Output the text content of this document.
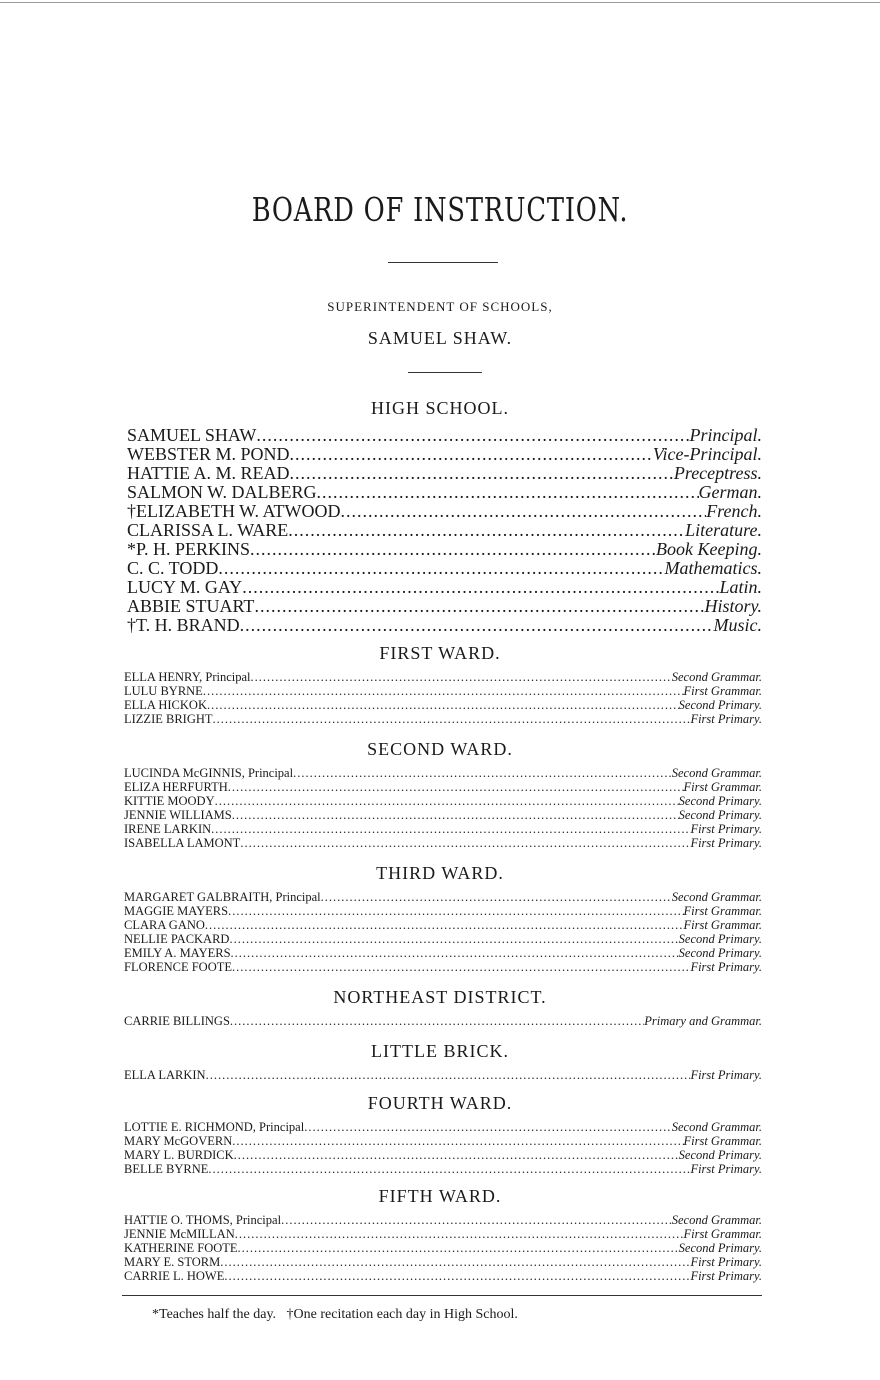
BOARD OF INSTRUCTION.
SUPERINTENDENT OF SCHOOLS,
SAMUEL SHAW.
HIGH SCHOOL.
SAMUEL SHAW .....	Principal.
WEBSTER M. POND .....	Vice-Principal.
HATTIE A. M. READ .....	Preceptress.
SALMON W. DALBERG .....	German.
†ELIZABETH W. ATWOOD .....	French.
CLARISSA L. WARE .....	Literature.
*P. H. PERKINS .....	Book Keeping.
C. C. TODD .....	Mathematics.
LUCY M. GAY .....	Latin.
ABBIE STUART .....	History.
†T. H. BRAND .....	Music.
FIRST WARD.
ELLA HENRY, Principal .....	Second Grammar.
LULU BYRNE .....	First Grammar.
ELLA HICKOK .....	Second Primary.
LIZZIE BRIGHT .....	First Primary.
SECOND WARD.
LUCINDA McGINNIS, Principal .....	Second Grammar.
ELIZA HERFURTH .....	First Grammar.
KITTIE MOODY .....	Second Primary.
JENNIE WILLIAMS .....	Second Primary.
IRENE LARKIN .....	First Primary.
ISABELLA LAMONT .....	First Primary.
THIRD WARD.
MARGARET GALBRAITH, Principal .....	Second Grammar.
MAGGIE MAYERS .....	First Grammar.
CLARA GANO .....	First Grammar.
NELLIE PACKARD .....	Second Primary.
EMILY A. MAYERS .....	Second Primary.
FLORENCE FOOTE .....	First Primary.
NORTHEAST DISTRICT.
CARRIE BILLINGS .....	Primary and Grammar.
LITTLE BRICK.
ELLA LARKIN .....	First Primary.
FOURTH WARD.
LOTTIE E. RICHMOND, Principal .....	Second Grammar.
MARY McGOVERN .....	First Grammar.
MARY L. BURDICK .....	Second Primary.
BELLE BYRNE .....	First Primary.
FIFTH WARD.
HATTIE O. THOMS, Principal .....	Second Grammar.
JENNIE McMILLAN .....	First Grammar.
KATHERINE FOOTE .....	Second Primary.
MARY E. STORM .....	First Primary.
CARRIE L. HOWE .....	First Primary.
*Teaches half the day.   †One recitation each day in High School.
